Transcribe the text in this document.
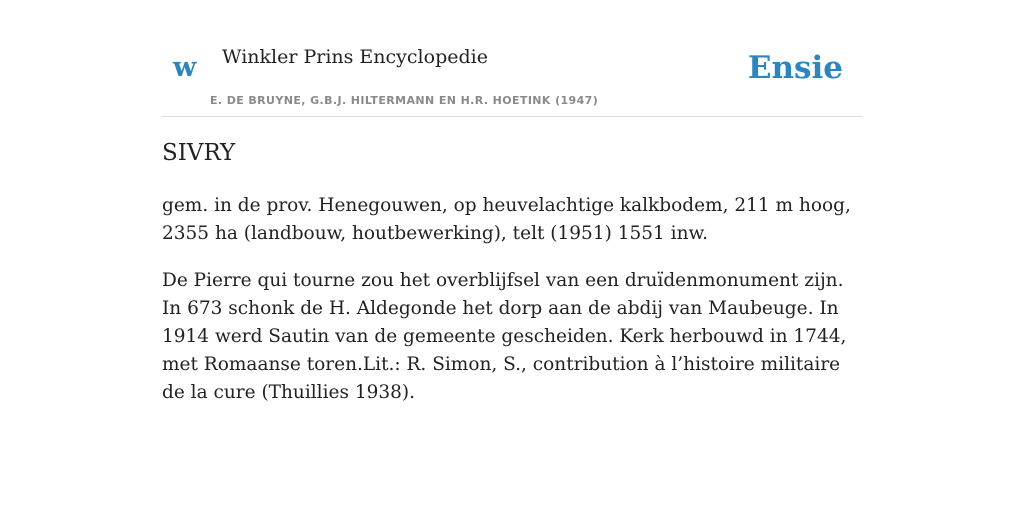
w Winkler Prins Encyclopedie
E. DE BRUYNE, G.B.J. HILTERMANN EN H.R. HOETINK (1947)
Ensie
SIVRY

gem. in de prov. Henegouwen, op heuvelachtige kalkbodem, 211 m hoog, 2355 ha (landbouw, houtbewerking), telt (1951) 1551 inw.

De Pierre qui tourne zou het overblijfsel van een druïdenmonument zijn. In 673 schonk de H. Aldegonde het dorp aan de abdij van Maubeuge. In 1914 werd Sautin van de gemeente gescheiden. Kerk herbouwd in 1744, met Romaanse toren.Lit.: R. Simon, S., contribution à l’histoire militaire de la cure (Thuillies 1938).
